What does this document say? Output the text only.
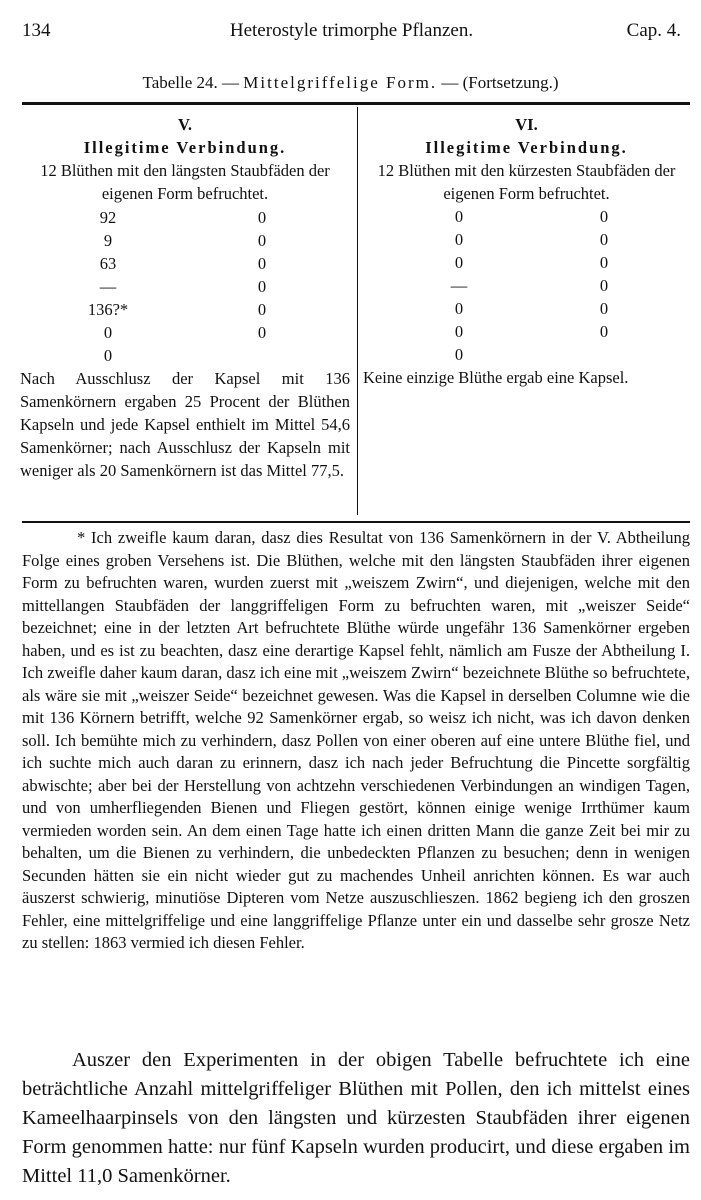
134	Heterostyle trimorphe Pflanzen.	Cap. 4.
Tabelle 24. — Mittelgriffelige Form. — (Fortsetzung.)
V.
Illegitime Verbindung.
12 Blüthen mit den längsten Staubfäden der eigenen Form befruchtet.
92	0
9	0
63	0
—	0
136?*	0
0	0
0
Nach Ausschlusz der Kapsel mit 136 Samenkörnern ergaben 25 Procent der Blüthen Kapseln und jede Kapsel enthielt im Mittel 54,6 Samenkörner; nach Ausschlusz der Kapseln mit weniger als 20 Samenkörnern ist das Mittel 77,5.
VI.
Illegitime Verbindung.
12 Blüthen mit den kürzesten Staubfäden der eigenen Form befruchtet.
0	0
0	0
0	0
—	0
0	0
0	0
0
Keine einzige Blüthe ergab eine Kapsel.

* Ich zweifle kaum daran, dasz dies Resultat von 136 Samenkörnern in der V. Abtheilung Folge eines groben Versehens ist. Die Blüthen, welche mit den längsten Staubfäden ihrer eigenen Form zu befruchten waren, wurden zuerst mit „weiszem Zwirn“, und diejenigen, welche mit den mittellangen Staubfäden der langgriffeligen Form zu befruchten waren, mit „weiszer Seide“ bezeichnet; eine in der letzten Art befruchtete Blüthe würde ungefähr 136 Samenkörner ergeben haben, und es ist zu beachten, dasz eine derartige Kapsel fehlt, nämlich am Fusze der Abtheilung I. Ich zweifle daher kaum daran, dasz ich eine mit „weiszem Zwirn“ bezeichnete Blüthe so befruchtete, als wäre sie mit „weiszer Seide“ bezeichnet gewesen. Was die Kapsel in derselben Columne wie die mit 136 Körnern betrifft, welche 92 Samenkörner ergab, so weisz ich nicht, was ich davon denken soll. Ich bemühte mich zu verhindern, dasz Pollen von einer oberen auf eine untere Blüthe fiel, und ich suchte mich auch daran zu erinnern, dasz ich nach jeder Befruchtung die Pincette sorgfältig abwischte; aber bei der Herstellung von achtzehn verschiedenen Verbindungen an windigen Tagen, und von umherfliegenden Bienen und Fliegen gestört, können einige wenige Irrthümer kaum vermieden worden sein. An dem einen Tage hatte ich einen dritten Mann die ganze Zeit bei mir zu behalten, um die Bienen zu verhindern, die unbedeckten Pflanzen zu besuchen; denn in wenigen Secunden hätten sie ein nicht wieder gut zu machendes Unheil anrichten können. Es war auch äuszerst schwierig, minutiöse Dipteren vom Netze auszuschlieszen. 1862 begieng ich den groszen Fehler, eine mittelgriffelige und eine langgriffelige Pflanze unter ein und dasselbe sehr grosze Netz zu stellen: 1863 vermied ich diesen Fehler.

Auszer den Experimenten in der obigen Tabelle befruchtete ich eine beträchtliche Anzahl mittelgriffeliger Blüthen mit Pollen, den ich mittelst eines Kameelhaarpinsels von den längsten und kürzesten Staubfäden ihrer eigenen Form genommen hatte: nur fünf Kapseln wurden producirt, und diese ergaben im Mittel 11,0 Samenkörner.
